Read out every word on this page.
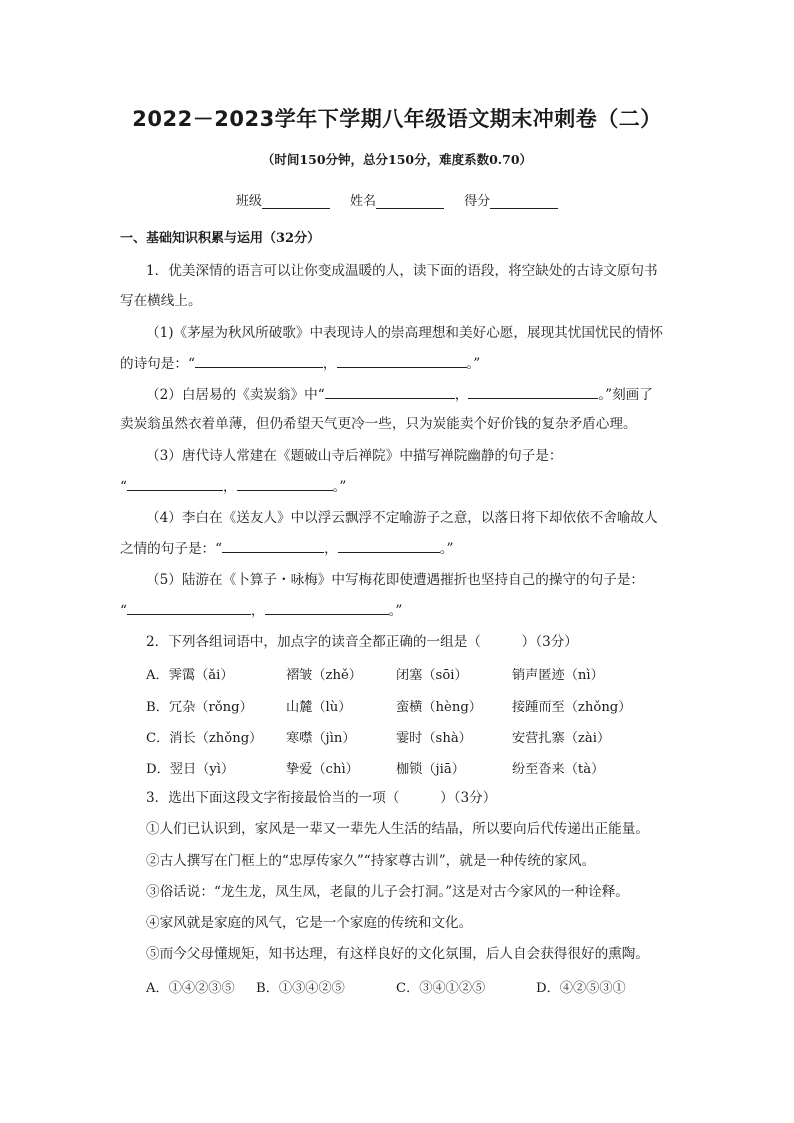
2022－2023学年下学期八年级语文期末冲刺卷（二）
（时间150分钟，总分150分，难度系数0.70）
班级	姓名	得分
一、基础知识积累与运用（32分）
1．优美深情的语言可以让你变成温暖的人，读下面的语段，将空缺处的古诗文原句书
写在横线上。
（1)《茅屋为秋风所破歌》中表现诗人的崇高理想和美好心愿，展现其忧国忧民的情怀
的诗句是：“	，	。”
（2）白居易的《卖炭翁》中“	，	。”刻画了
卖炭翁虽然衣着单薄，但仍希望天气更冷一些，只为炭能卖个好价钱的复杂矛盾心理。
（3）唐代诗人常建在《题破山寺后禅院》中描写禅院幽静的句子是：
“	，	。”
（4）李白在《送友人》中以浮云飘浮不定喻游子之意，以落日将下却依依不舍喻故人
之情的句子是：“	，	。”
（5）陆游在《卜算子・咏梅》中写梅花即使遭遇摧折也坚持自己的操守的句子是：
“	，	。”
2．下列各组词语中，加点字的读音全都正确的一组是（　　　）（3分）
A．霁霭（ǎi）	褶皱（zhě）	闭塞（sōi）	销声匿迹（nì）
B．冗杂（rǒng）	山麓（lù）	蛮横（hèng） 接踵而至（zhǒng）
C．消长（zhǒng） 寒噤（jìn）	霎时（shà）	安营扎寨（zài）
D．翌日（yì）	挚爱（chì）	枷锁（jiā）	纷至沓来（tà）
3．选出下面这段文字衔接最恰当的一项（　　　）（3分）
①人们已认识到，家风是一辈又一辈先人生活的结晶，所以要向后代传递出正能量。
②古人撰写在门框上的“忠厚传家久”“持家尊古训”，就是一种传统的家风。
③俗话说：“龙生龙，凤生凤，老鼠的儿子会打洞。”这是对古今家风的一种诠释。
④家风就是家庭的风气，它是一个家庭的传统和文化。
⑤而今父母懂规矩，知书达理，有这样良好的文化氛围，后人自会获得很好的熏陶。
A．①④②③⑤ B．①③④②⑤	C．③④①②⑤	D．④②⑤③①
